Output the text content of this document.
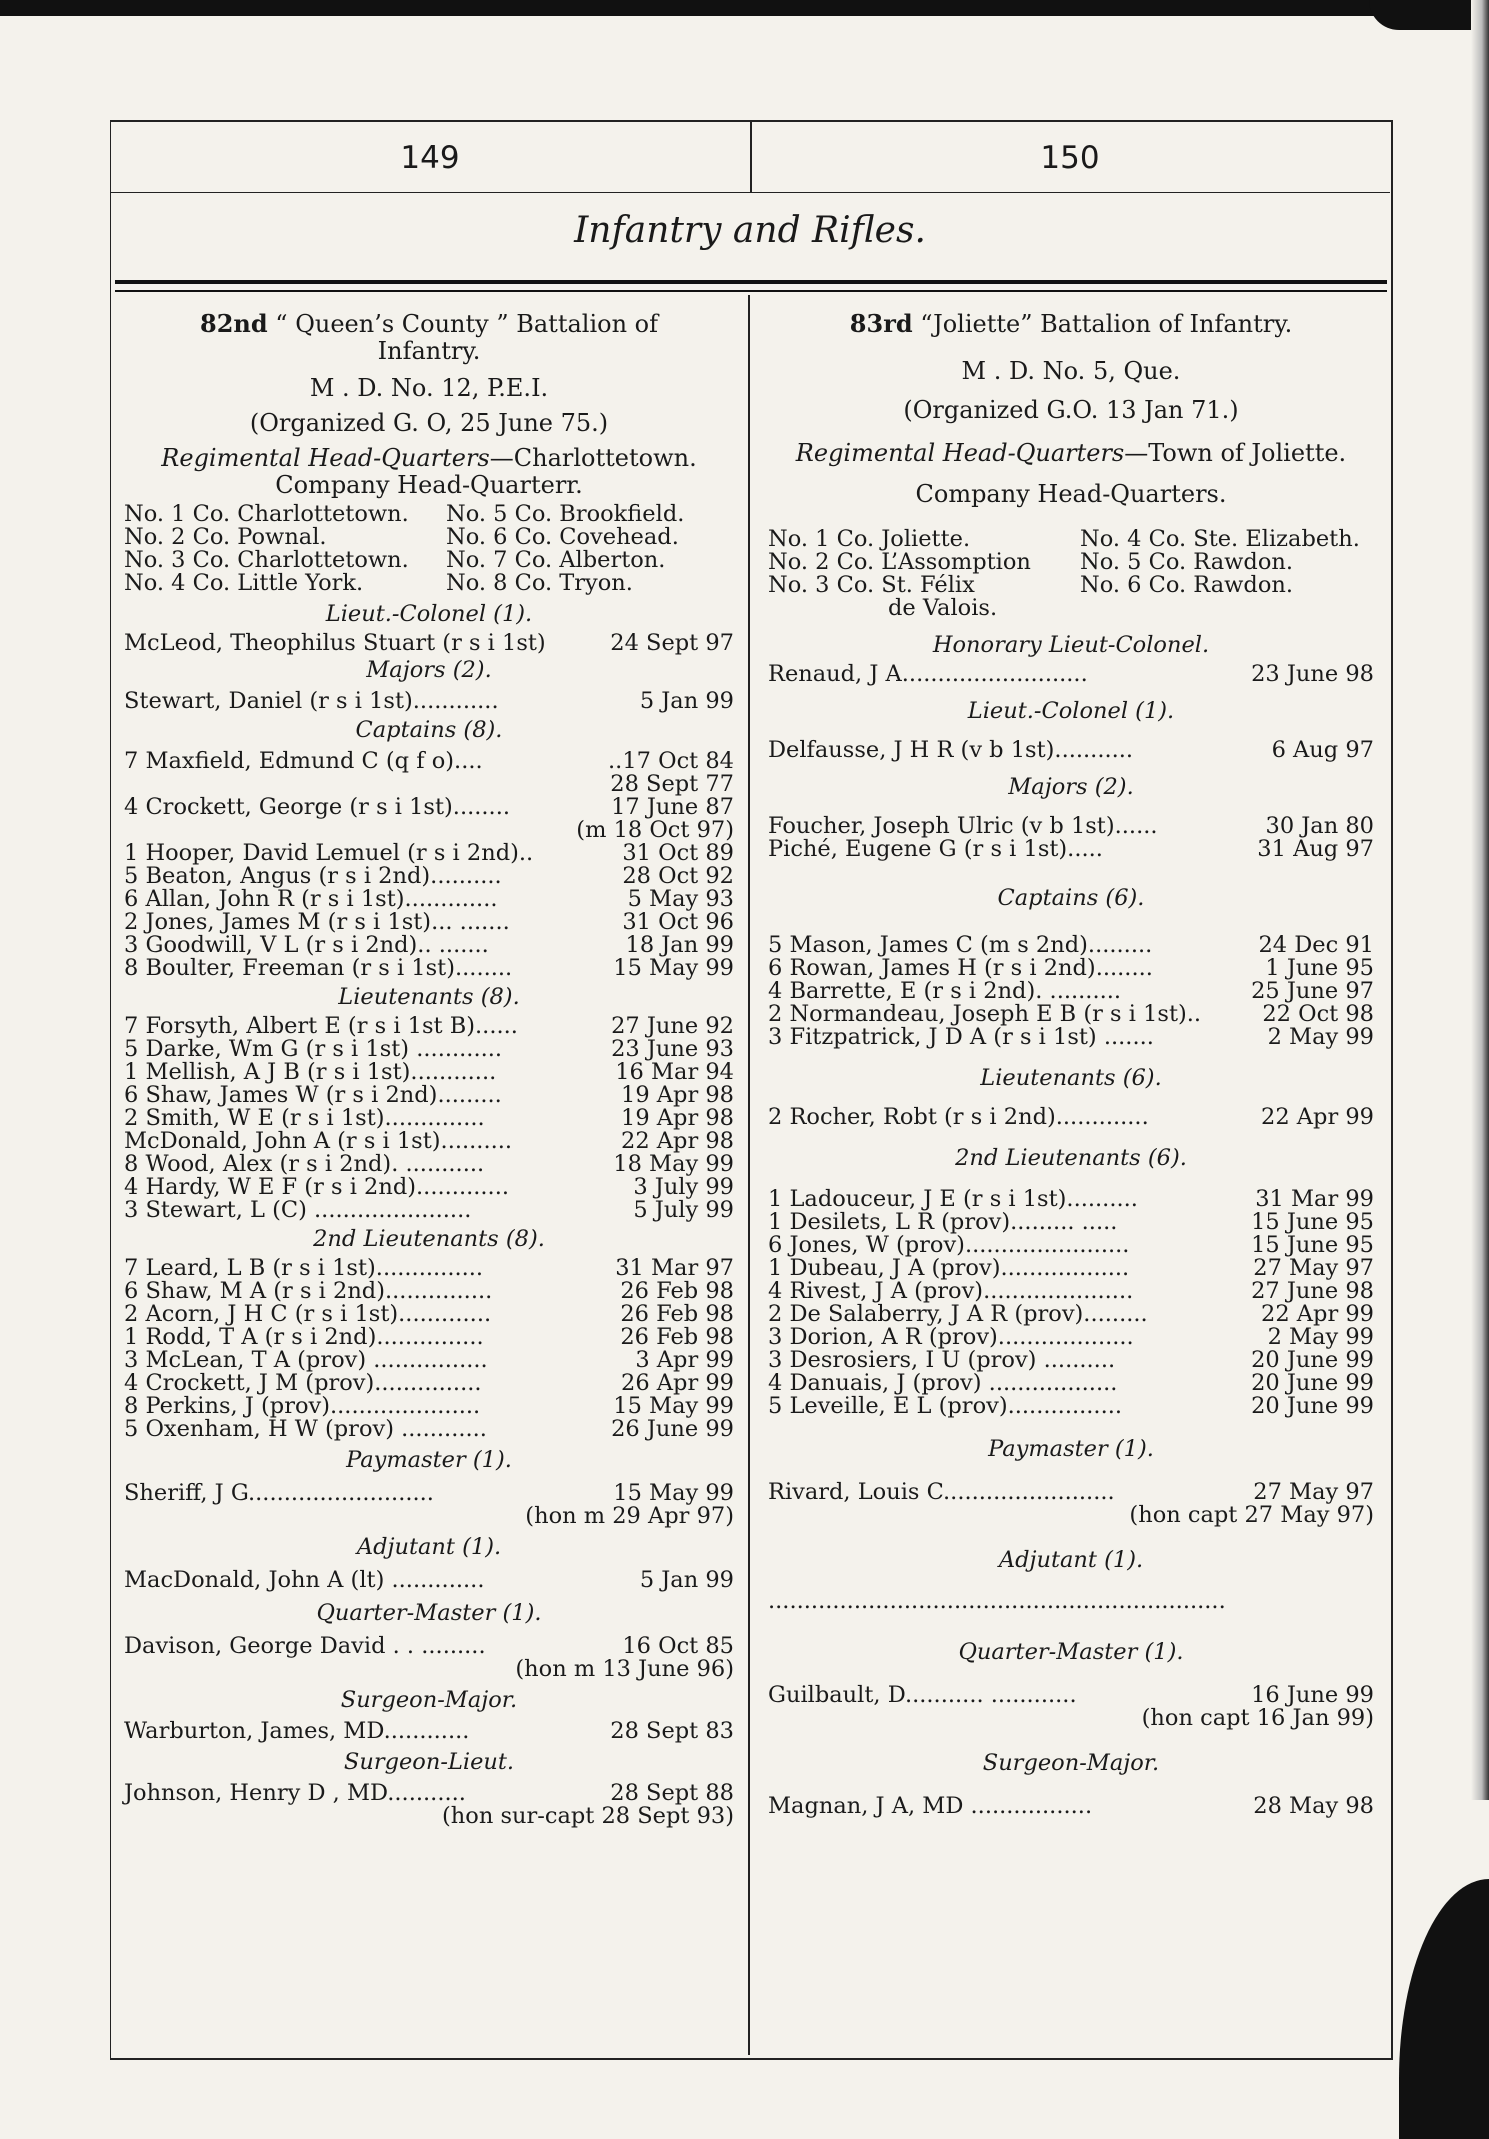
149	150
Infantry and Rifles.
82nd “ Queen’s County ” Battalion of
Infantry.
M . D. No. 12, P.E.I.
(Organized G. O, 25 June 75.)
Regimental Head-Quarters—Charlottetown.
Company Head-Quarterr.
No. 1 Co. Charlottetown. No. 5 Co. Brookfield.
No. 2 Co. Pownal.	No. 6 Co. Covehead.
No. 3 Co. Charlottetown. No. 7 Co. Alberton.
No. 4 Co. Little York.	No. 8 Co. Tryon.
Lieut.-Colonel (1).
McLeod, Theophilus Stuart (r s i 1st)	24 Sept 97
Majors (2).
Stewart, Daniel (r s i 1st)............	5 Jan 99
Captains (8).
7 Maxfield, Edmund C (q f o)....	..17 Oct 84
28 Sept 77
4 Crockett, George (r s i 1st)........	17 June 87
(m 18 Oct 97)
1 Hooper, David Lemuel (r s i 2nd)..	31 Oct 89
5 Beaton, Angus (r s i 2nd)..........	28 Oct 92
6 Allan, John R (r s i 1st).............	5 May 93
2 Jones, James M (r s i 1st)... .......	31 Oct 96
3 Goodwill, V L (r s i 2nd).. .......	18 Jan 99
8 Boulter, Freeman (r s i 1st)........	15 May 99
Lieutenants (8).
7 Forsyth, Albert E (r s i 1st B)......	27 June 92
5 Darke, Wm G (r s i 1st) ............	23 June 93
1 Mellish, A J B (r s i 1st)............	16 Mar 94
6 Shaw, James W (r s i 2nd).........	19 Apr 98
2 Smith, W E (r s i 1st)..............	19 Apr 98
McDonald, John A (r s i 1st)..........	22 Apr 98
8 Wood, Alex (r s i 2nd). ...........	18 May 99
4 Hardy, W E F (r s i 2nd).............	3 July 99
3 Stewart, L (C) ......................	5 July 99
2nd Lieutenants (8).
7 Leard, L B (r s i 1st)...............	31 Mar 97
6 Shaw, M A (r s i 2nd)...............	26 Feb 98
2 Acorn, J H C (r s i 1st).............	26 Feb 98
1 Rodd, T A (r s i 2nd)...............	26 Feb 98
3 McLean, T A (prov) ................	3 Apr 99
4 Crockett, J M (prov)...............	26 Apr 99
8 Perkins, J (prov).....................	15 May 99
5 Oxenham, H W (prov) ............	26 June 99
Paymaster (1).
Sheriff, J G..........................	15 May 99
(hon m 29 Apr 97)
Adjutant (1).
MacDonald, John A (lt) .............	5 Jan 99
Quarter-Master (1).
Davison, George David . . .........	16 Oct 85
(hon m 13 June 96)
Surgeon-Major.
Warburton, James, MD............	28 Sept 83
Surgeon-Lieut.
Johnson, Henry D , MD...........	28 Sept 88
(hon sur-capt 28 Sept 93)
83rd “Joliette” Battalion of Infantry.
M . D. No. 5, Que.
(Organized G.O. 13 Jan 71.)
Regimental Head-Quarters—Town of Joliette.
Company Head-Quarters.
No. 1 Co. Joliette.	No. 4 Co. Ste. Elizabeth.
No. 2 Co. L’Assomption No. 5 Co. Rawdon.
No. 3 Co. St. Félix	No. 6 Co. Rawdon.
de Valois.
Honorary Lieut-Colonel.
Renaud, J A..........................	23 June 98
Lieut.-Colonel (1).
Delfausse, J H R (v b 1st)...........	6 Aug 97
Majors (2).
Foucher, Joseph Ulric (v b 1st)......	30 Jan 80
Piché, Eugene G (r s i 1st).....	31 Aug 97
Captains (6).
5 Mason, James C (m s 2nd).........	24 Dec 91
6 Rowan, James H (r s i 2nd)........	1 June 95
4 Barrette, E (r s i 2nd). ..........	25 June 97
2 Normandeau, Joseph E B (r s i 1st)..	22 Oct 98
3 Fitzpatrick, J D A (r s i 1st) .......	2 May 99
Lieutenants (6).
2 Rocher, Robt (r s i 2nd).............	22 Apr 99
2nd Lieutenants (6).
1 Ladouceur, J E (r s i 1st)..........	31 Mar 99
1 Desilets, L R (prov)......... .....	15 June 95
6 Jones, W (prov).......................	15 June 95
1 Dubeau, J A (prov)..................	27 May 97
4 Rivest, J A (prov).....................	27 June 98
2 De Salaberry, J A R (prov).........	22 Apr 99
3 Dorion, A R (prov)...................	2 May 99
3 Desrosiers, I U (prov) ..........	20 June 99
4 Danuais, J (prov) ..................	20 June 99
5 Leveille, E L (prov)................	20 June 99
Paymaster (1).
Rivard, Louis C........................	27 May 97
(hon capt 27 May 97)
Adjutant (1).
................................................................
Quarter-Master (1).
Guilbault, D........... ............	16 June 99
(hon capt 16 Jan 99)
Surgeon-Major.
Magnan, J A, MD .................	28 May 98
